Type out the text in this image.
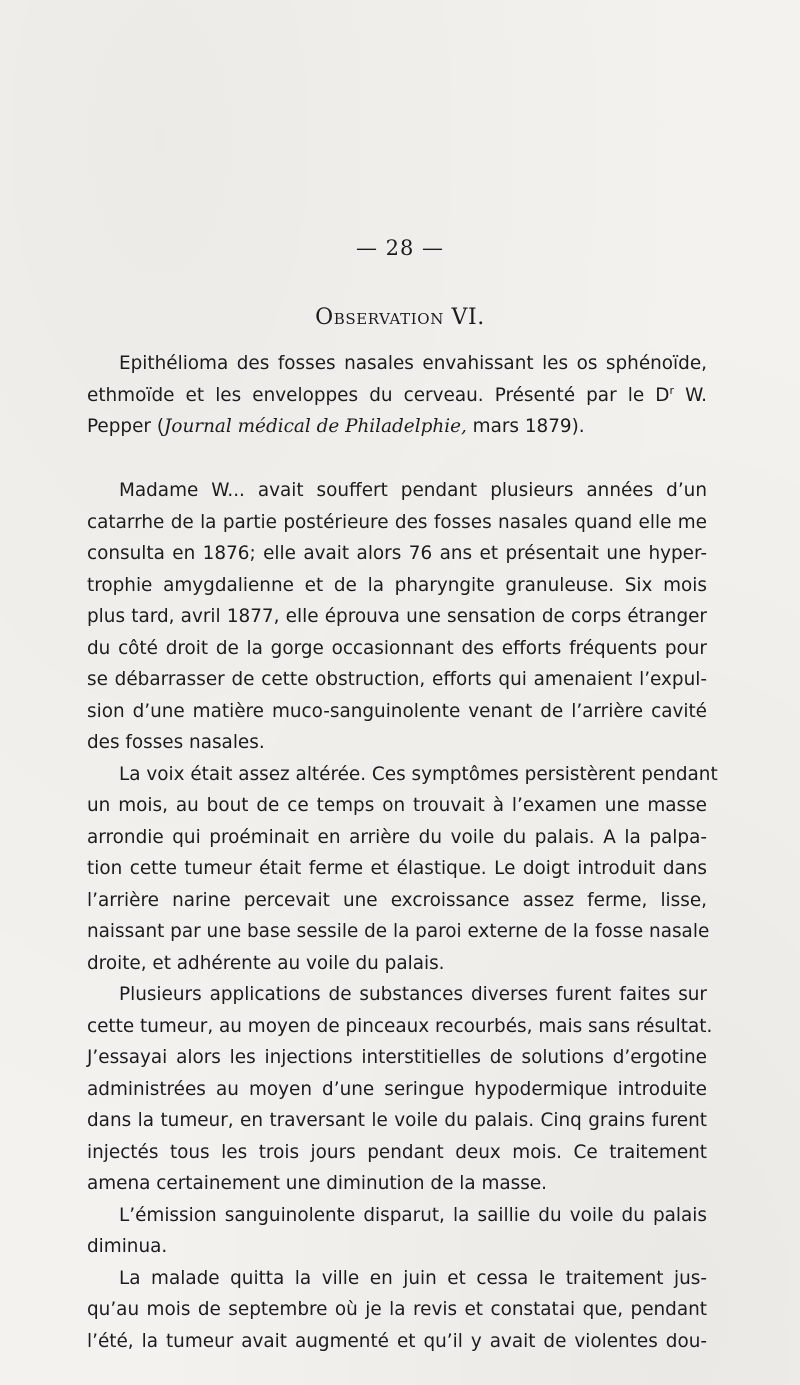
— 28 —
Observation VI.
Epithélioma des fosses nasales envahissant les os sphénoïde,
ethmoïde et les enveloppes du cerveau. Présenté par le $D^r$ W.
Pepper (Journal médical de Philadelphie, mars 1879).
Madame W... avait souffert pendant plusieurs années d’un
catarrhe de la partie postérieure des fosses nasales quand elle me
consulta en 1876; elle avait alors 76 ans et présentait une hyper-
trophie amygdalienne et de la pharyngite granuleuse. Six mois
plus tard, avril 1877, elle éprouva une sensation de corps étranger
du côté droit de la gorge occasionnant des efforts fréquents pour
se débarrasser de cette obstruction, efforts qui amenaient l’expul-
sion d’une matière muco-sanguinolente venant de l’arrière cavité
des fosses nasales.
La voix était assez altérée. Ces symptômes persistèrent pendant
un mois, au bout de ce temps on trouvait à l’examen une masse
arrondie qui proéminait en arrière du voile du palais. A la palpa-
tion cette tumeur était ferme et élastique. Le doigt introduit dans
l’arrière narine percevait une excroissance assez ferme, lisse,
naissant par une base sessile de la paroi externe de la fosse nasale
droite, et adhérente au voile du palais.
Plusieurs applications de substances diverses furent faites sur
cette tumeur, au moyen de pinceaux recourbés, mais sans résultat.
J’essayai alors les injections interstitielles de solutions d’ergotine
administrées au moyen d’une seringue hypodermique introduite
dans la tumeur, en traversant le voile du palais. Cinq grains furent
injectés tous les trois jours pendant deux mois. Ce traitement
amena certainement une diminution de la masse.
L’émission sanguinolente disparut, la saillie du voile du palais
diminua.
La malade quitta la ville en juin et cessa le traitement jus-
qu’au mois de septembre où je la revis et constatai que, pendant
l’été, la tumeur avait augmenté et qu’il y avait de violentes dou-
